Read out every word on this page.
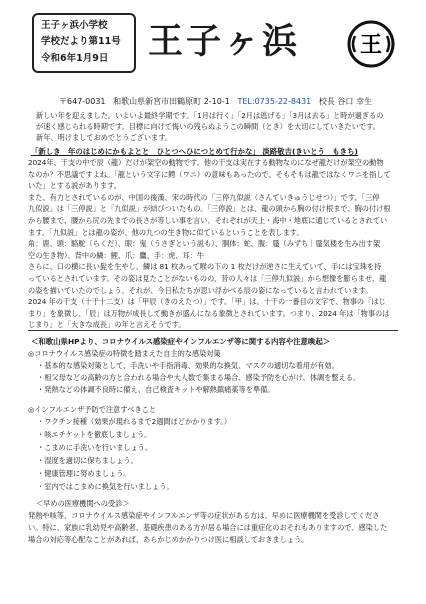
王子ヶ浜小学校
学校だより第11号
令和6年1月9日 王子ヶ浜	王
〒647-0031 和歌山県新宮市田鶴原町 2-10-1 TEL:0735-22-8431 校長 谷口 幸生
新しい年を迎えました。いよいよ最終学期です。「1月は行く」「2月は逃げる」「3月は去る」と時が過ぎるの
が速く感じられる時期です。目標に向けて悔いの残らぬようこの瞬間（とき）を大切にしていきたいです。
新年、明けましておめでとうございます。
「新しき　年のはじめにかもよとと　ひとつへひにつとめて行かな」 淡路敬吉(きいとう　もきち)
2024年、干支の中で辰（龍）だけが架空の動物です。他の干支は実在する動物なのになぜ龍だけが架空の動物
なのか？不思議ですよね。「龍という文字に鰐（ワニ）の意味もあったので、そもそもは龍ではなくワニを指して
いた」とする説があります。
また、有力とされているのが、中国の後漢、宋の時代の「三停九似説（さんていきゅうじせつ）」です。「三停
九似説」は「三停説」と「九似説」が結びついたもの。「三停説」とは、龍の頭から胸の付け根まで、胸の付け根
から腰まで、腰から尻の先までの長さが等しい事を言い、それぞれが天上・海中・地底に通じているとされてい
ます。「九似説」とは龍の姿が、他の九つの生き物に似ているということを表します。
角：鹿、頭：駱駝（らくだ）、眼：鬼（うさぎという説も）、胴体：蛇、腹：蜃（みずち｜蜃気楼を生み出す架
空の生き物）、背中の鱗：鯉、爪：鷹、手：虎、耳：牛
さらに、口の横に長い髭を生やし、鱗は 81 枚あって喉の下の 1 枚だけが逆さに生えていて、手には宝珠を持
っているとされています。その姿は見たことがないものの、昔の人々は「三停九似説」から想像を膨らませ、龍
の姿を描いていたのでしょう。それが、今日私たちが思い浮かべる辰の姿になっていると言われています。
2024 年の干支（十干十二支）は「甲辰（きのえたつ）」です。「甲」は、十干の一番目の文字で、物事の「はじ
まり」を象徴し、「辰」は万物が成長して動きが盛んになる象徴とされています。つまり、2024 年は「物事のは
じまり」と「大きな成長」の年と言えそうです。
＜和歌山県HPより、コロナウイルス感染症やインフルエンザ等に関する内容や注意喚起＞
◎コロナウイルス感染症の特徴を踏まえた自主的な感染対策
・基本的な感染対策として、手洗いや手指消毒、効果的な換気、マスクの適切な着用が有効。
・相父母などの高齢の方と合われる場合や大人数で集まる場合、感染予防を心がけ、体調を整える。
・発熱などの体調不良時に備え、自己検査キットや解熱鎮痛薬等を準備。
◎インフルエンザ予防で注意すべきこと
・ワクチン接種（効果が現れるまで2週間ほどかかります。）
・咳エチケットを徹底しましょう。
・こまめに手洗いを行いましょう。
・湿度を適切に保ちましょう。
・健康管理に努めましょう。
・室内ではこまめに換気を行いましょう。
＜早めの医療機関への受診＞
発熱や咳等、コロナウイルス感染症やインフルエンザ等の症状がある方は、早めに医療機関を受診してくださ
い。特に、家族に乳幼児や高齢者、基礎疾患のある方が居る場合には重症化のおそれもありますので、感染した
場合の対応等心配なことがあれば、あらかじめかかりつけ医に相談しておきましょう。
